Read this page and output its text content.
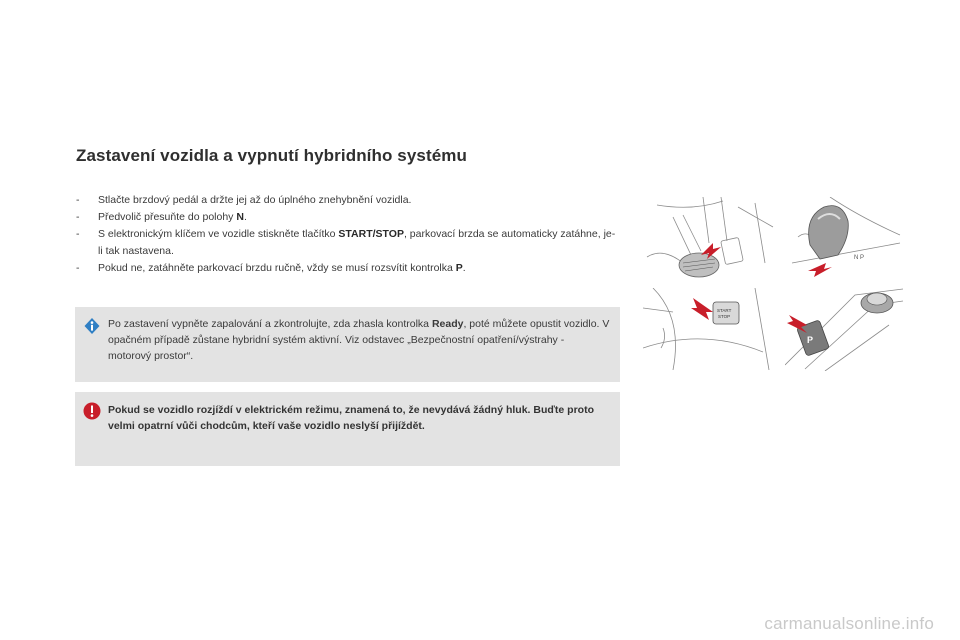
Zastavení vozidla a vypnutí hybridního systému
- Stlačte brzdový pedál a držte jej až do úplného znehybnění vozidla.
- Předvolič přesuňte do polohy N.
- S elektronickým klíčem ve vozidle stiskněte tlačítko START/STOP, parkovací brzda se automaticky zatáhne, je-li tak nastavena.
- Pokud ne, zatáhněte parkovací brzdu ručně, vždy se musí rozsvítit kontrolka P.
Po zastavení vypněte zapalování a zkontrolujte, zda zhasla kontrolka Ready, poté můžete opustit vozidlo. V opačném případě zůstane hybridní systém aktivní. Viz odstavec „Bezpečnostní opatření/výstrahy - motorový prostor“.
Pokud se vozidlo rozjíždí v elektrickém režimu, znamená to, že nevydává žádný hluk. Buďte proto velmi opatrní vůči chodcům, kteří vaše vozidlo neslyší přijíždět.
N P
START
STOP
P
carmanualsonline.info
